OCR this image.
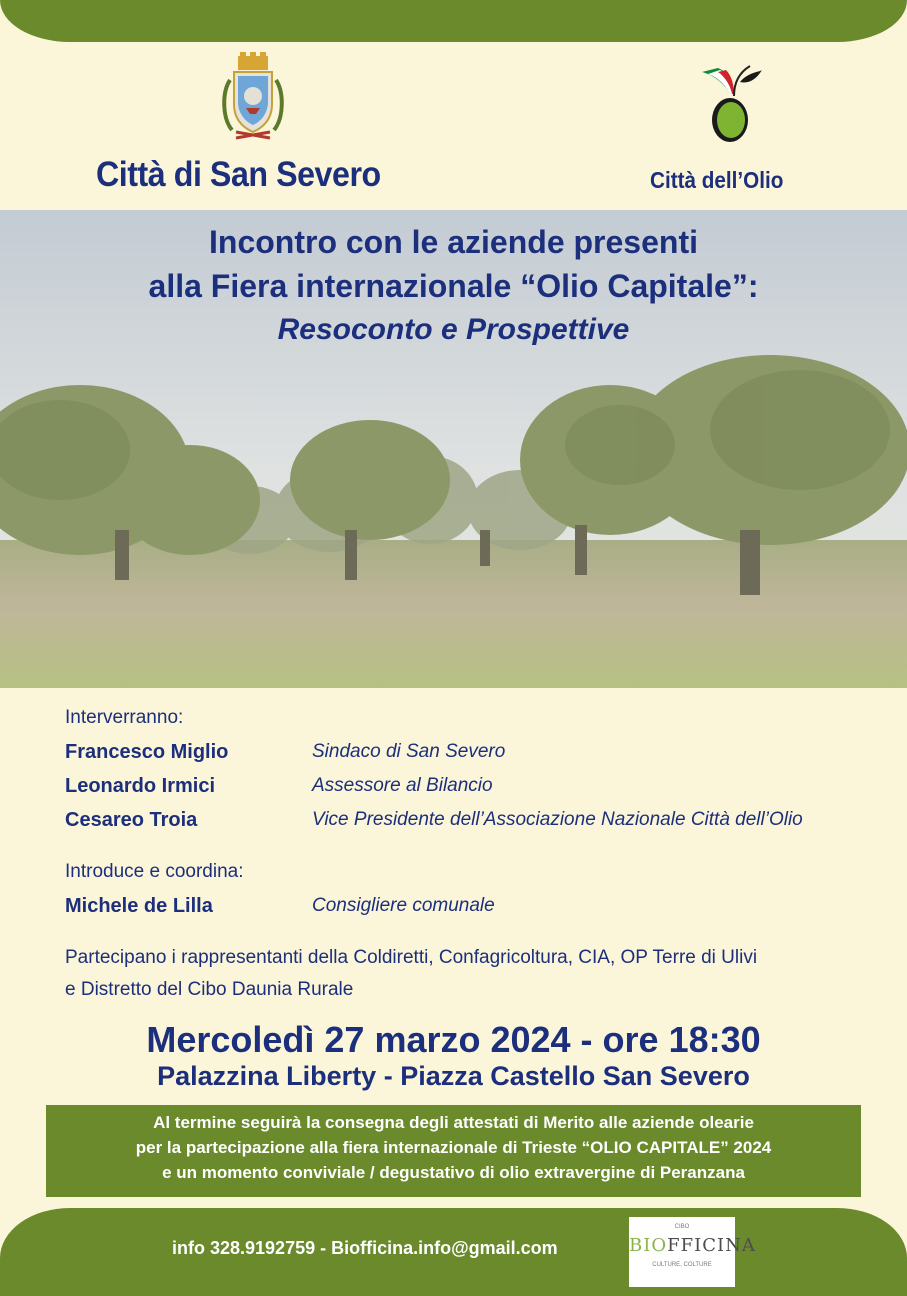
Città di San Severo	Città dell’Olio
Incontro con le aziende presenti
alla Fiera internazionale “Olio Capitale”:
Resoconto e Prospettive
Interverranno:
Francesco Miglio	Sindaco di San Severo
Leonardo Irmici	Assessore al Bilancio
Cesareo Troia	Vice Presidente dell’Associazione Nazionale Città dell’Olio
Introduce e coordina:
Michele de Lilla	Consigliere comunale
Partecipano i rappresentanti della Coldiretti, Confagricoltura, CIA, OP Terre di Ulivi
e Distretto del Cibo Daunia Rurale
Mercoledì 27 marzo 2024 - ore 18:30
Palazzina Liberty - Piazza Castello San Severo
Al termine seguirà la consegna degli attestati di Merito alle aziende olearie
per la partecipazione alla fiera internazionale di Trieste “OLIO CAPITALE” 2024
e un momento conviviale / degustativo di olio extravergine di Peranzana
info 328.9192759 - Biofficina.info@gmail.com
CIBO
BIOFFICINA
CULTURE, COLTURE
